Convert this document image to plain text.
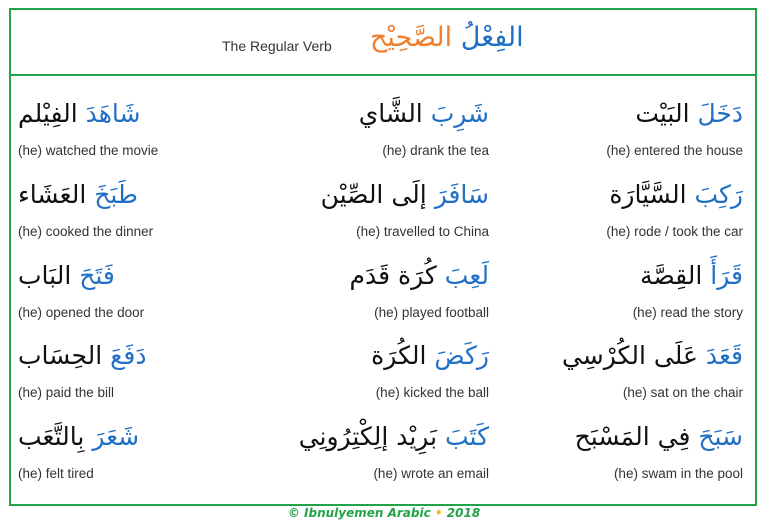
The Regular Verb	الفِعْلُ الصَّحِيْح
دَخَلَ البَيْت
(he) entered the house
شَرِبَ الشَّاي
(he) drank the tea
شَاهَدَ الفِيْلم
(he) watched the movie
رَكِبَ السَّيَّارَة
(he) rode / took the car
سَافَرَ إلَى الصِّيْن
(he) travelled to China
طَبَخَ العَشَاء
(he) cooked the dinner
قَرَأَ القِصَّة
(he) read the story
لَعِبَ كُرَة قَدَم
(he) played football
فَتَحَ البَاب
(he) opened the door
قَعَدَ عَلَى الكُرْسِي
(he) sat on the chair
رَكَضَ الكُرَة
(he) kicked the ball
دَفَعَ الحِسَاب
(he) paid the bill
سَبَحَ فِي المَسْبَح
(he) swam in the pool
كَتَبَ بَرِيْد إلِكْتِرُونِي
(he) wrote an email
شَعَرَ بِالتَّعَب
(he) felt tired
© Ibnulyemen Arabic • 2018
